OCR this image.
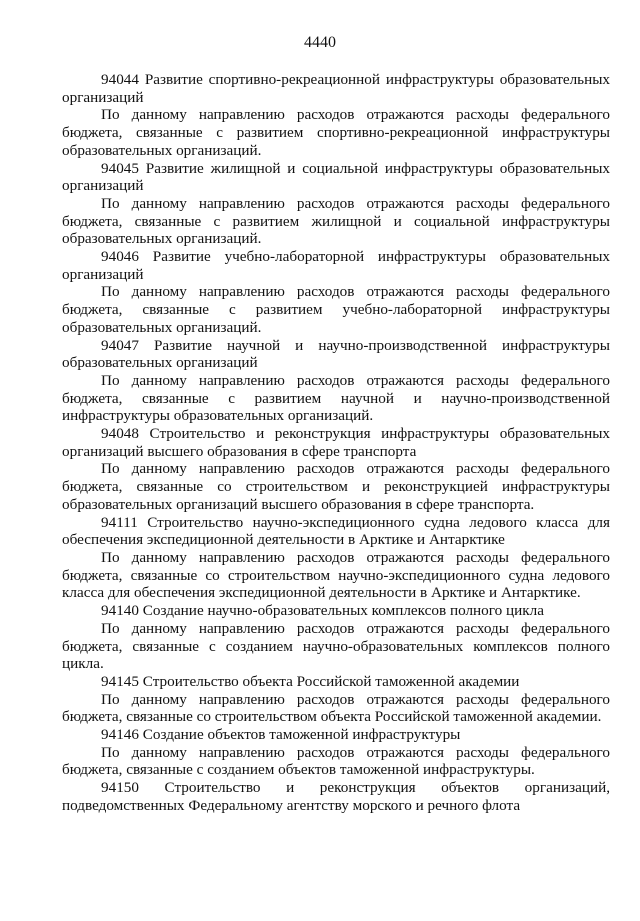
4440

94044 Развитие спортивно-рекреационной инфраструктуры образовательных организаций

По данному направлению расходов отражаются расходы федерального бюджета, связанные с развитием спортивно-рекреационной инфраструктуры образовательных организаций.

94045 Развитие жилищной и социальной инфраструктуры образовательных организаций

По данному направлению расходов отражаются расходы федерального бюджета, связанные с развитием жилищной и социальной инфраструктуры образовательных организаций.

94046 Развитие учебно-лабораторной инфраструктуры образовательных организаций

По данному направлению расходов отражаются расходы федерального бюджета, связанные с развитием учебно-лабораторной инфраструктуры образовательных организаций.

94047 Развитие научной и научно-производственной инфраструктуры образовательных организаций

По данному направлению расходов отражаются расходы федерального бюджета, связанные с развитием научной и научно-производственной инфраструктуры образовательных организаций.

94048 Строительство и реконструкция инфраструктуры образовательных организаций высшего образования в сфере транспорта

По данному направлению расходов отражаются расходы федерального бюджета, связанные со строительством и реконструкцией инфраструктуры образовательных организаций высшего образования в сфере транспорта.

94111 Строительство научно-экспедиционного судна ледового класса для обеспечения экспедиционной деятельности в Арктике и Антарктике

По данному направлению расходов отражаются расходы федерального бюджета, связанные со строительством научно-экспедиционного судна ледового класса для обеспечения экспедиционной деятельности в Арктике и Антарктике.

94140 Создание научно-образовательных комплексов полного цикла

По данному направлению расходов отражаются расходы федерального бюджета, связанные с созданием научно-образовательных комплексов полного цикла.

94145 Строительство объекта Российской таможенной академии

По данному направлению расходов отражаются расходы федерального бюджета, связанные со строительством объекта Российской таможенной академии.

94146 Создание объектов таможенной инфраструктуры

По данному направлению расходов отражаются расходы федерального бюджета, связанные с созданием объектов таможенной инфраструктуры.

94150 Строительство и реконструкция объектов организаций, подведомственных Федеральному агентству морского и речного флота
